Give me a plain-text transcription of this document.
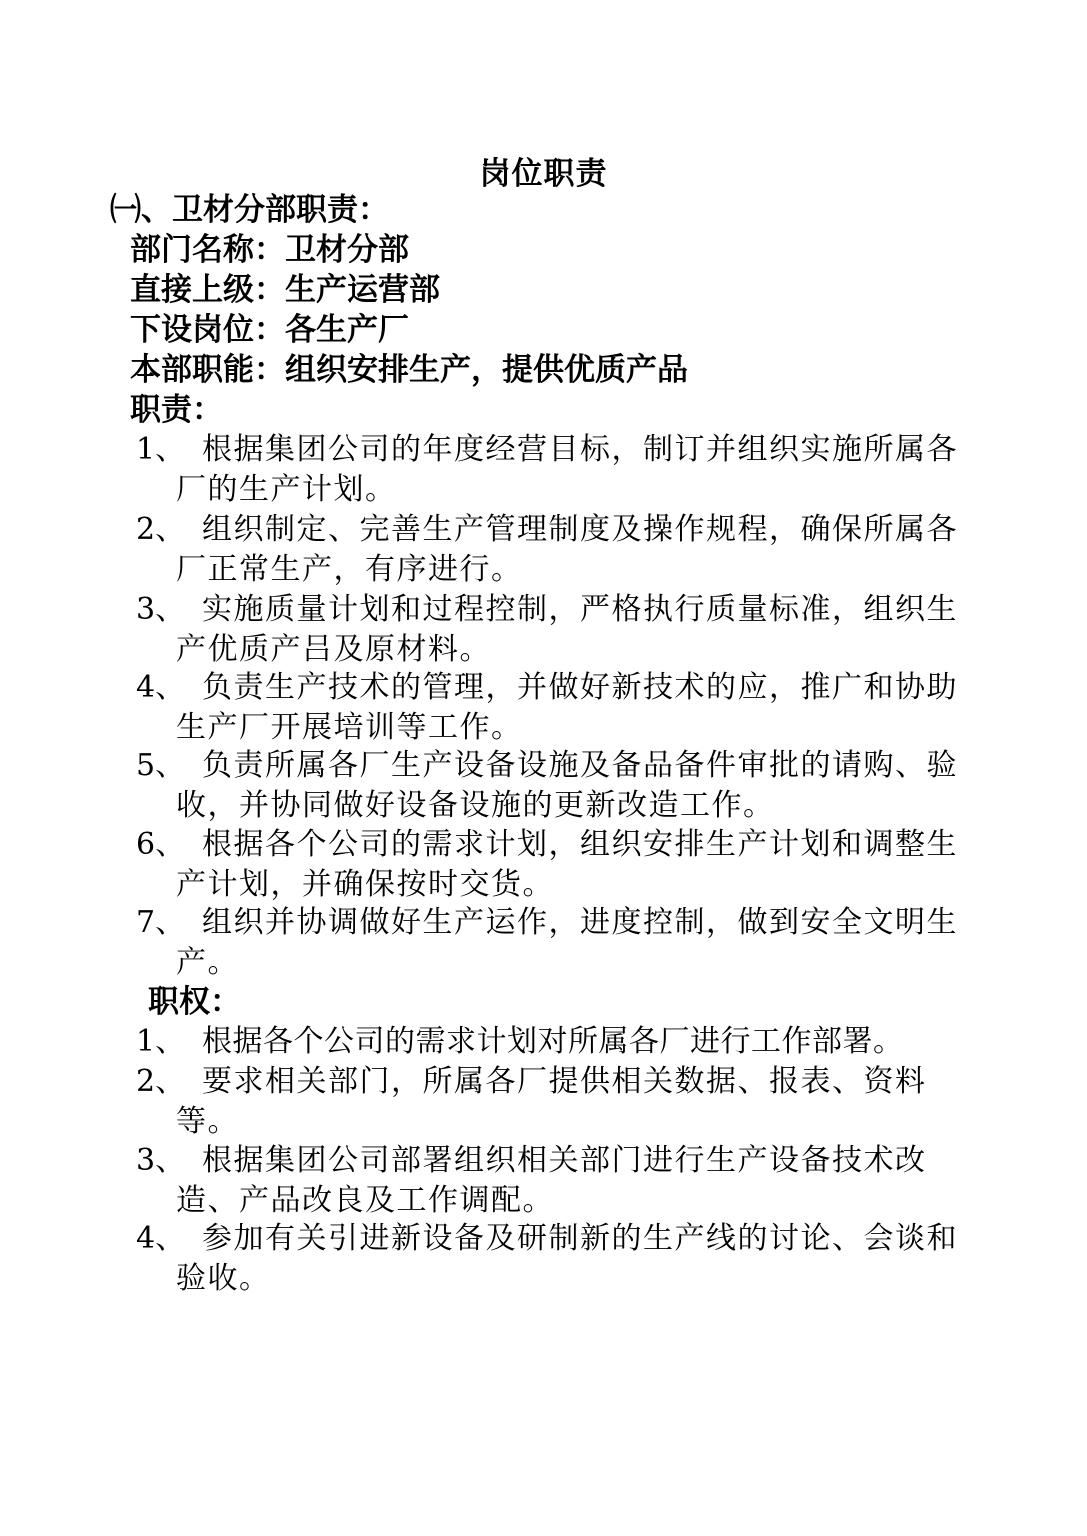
岗位职责
㈠、卫材分部职责：
部门名称：卫材分部
直接上级：生产运营部
下设岗位：各生产厂
本部职能：组织安排生产，提供优质产品
职责：
1、 根据集团公司的年度经营目标，制订并组织实施所属各厂的生产计划。

2、 组织制定、完善生产管理制度及操作规程，确保所属各厂正常生产，有序进行。

3、 实施质量计划和过程控制，严格执行质量标准，组织生产优质产吕及原材料。

4、 负责生产技术的管理，并做好新技术的应，推广和协助生产厂开展培训等工作。

5、 负责所属各厂生产设备设施及备品备件审批的请购、验收，并协同做好设备设施的更新改造工作。

6、 根据各个公司的需求计划，组织安排生产计划和调整生产计划，并确保按时交货。

7、 组织并协调做好生产运作，进度控制，做到安全文明生产。

职权：
1、 根据各个公司的需求计划对所属各厂进行工作部署。

2、 要求相关部门，所属各厂提供相关数据、报表、资料等。

3、 根据集团公司部署组织相关部门进行生产设备技术改造、产品改良及工作调配。

4、 参加有关引进新设备及研制新的生产线的讨论、会谈和验收。
